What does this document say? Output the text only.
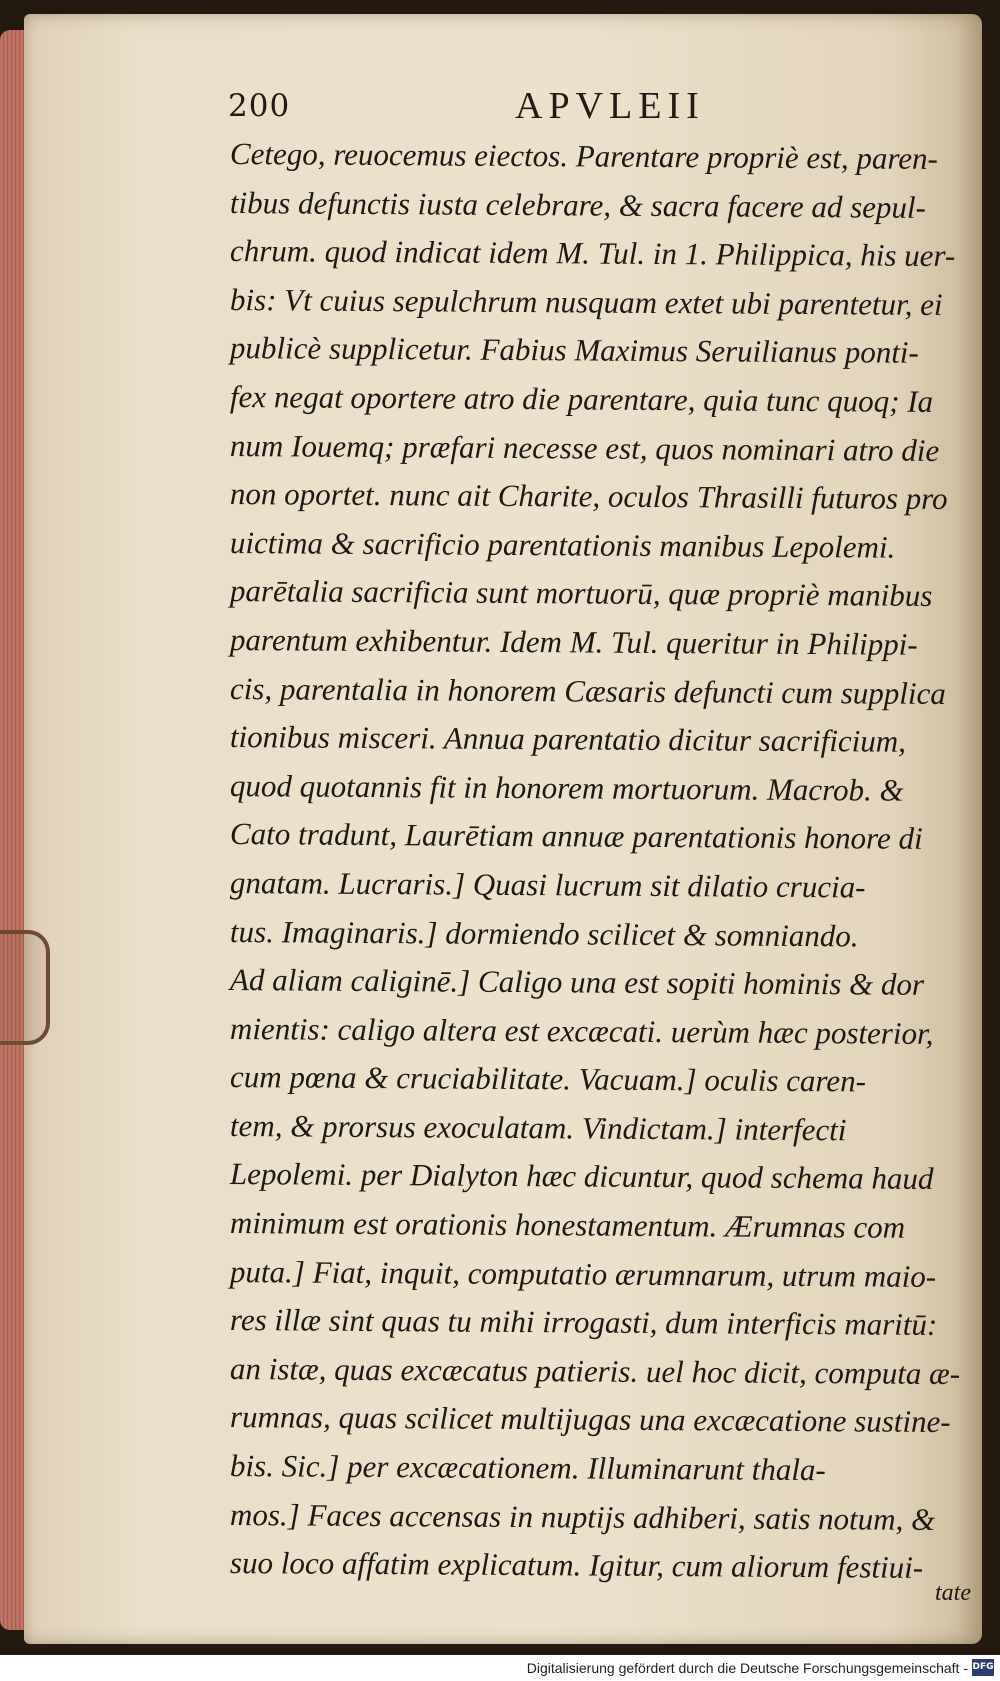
200	APVLEII
Cetego, reuocemus eiectos. Parentare propriè est, paren-
tibus defunctis iusta celebrare, & sacra facere ad sepul-
chrum. quod indicat idem M. Tul. in 1. Philippica, his uer-
bis: Vt cuius sepulchrum nusquam extet ubi parentetur, ei
publicè supplicetur. Fabius Maximus Seruilianus ponti-
fex negat oportere atro die parentare, quia tunc quoq; Ia
num Iouemq; præfari necesse est, quos nominari atro die
non oportet. nunc ait Charite, oculos Thrasilli futuros pro
uictima & sacrificio parentationis manibus Lepolemi.
parētalia sacrificia sunt mortuorū, quæ propriè manibus
parentum exhibentur. Idem M. Tul. queritur in Philippi-
cis, parentalia in honorem Cæsaris defuncti cum supplica
tionibus misceri. Annua parentatio dicitur sacrificium,
quod quotannis fit in honorem mortuorum. Macrob. &
Cato tradunt, Laurētiam annuæ parentationis honore di
gnatam. Lucraris.] Quasi lucrum sit dilatio crucia-
tus. Imaginaris.] dormiendo scilicet & somniando.
Ad aliam caliginē.] Caligo una est sopiti hominis & dor
mientis: caligo altera est excæcati. uerùm hæc posterior,
cum pœna & cruciabilitate. Vacuam.] oculis caren-
tem, & prorsus exoculatam. Vindictam.] interfecti
Lepolemi. per Dialyton hæc dicuntur, quod schema haud
minimum est orationis honestamentum. Ærumnas com
puta.] Fiat, inquit, computatio ærumnarum, utrum maio-
res illæ sint quas tu mihi irrogasti, dum interficis maritū:
an istæ, quas excæcatus patieris. uel hoc dicit, computa æ-
rumnas, quas scilicet multijugas una excæcatione sustine-
bis. Sic.] per excæcationem. Illuminarunt thala-
mos.] Faces accensas in nuptijs adhiberi, satis notum, &
suo loco affatim explicatum. Igitur, cum aliorum festiui-
tate
Digitalisierung gefördert durch die Deutsche Forschungsgemeinschaft - DFG
